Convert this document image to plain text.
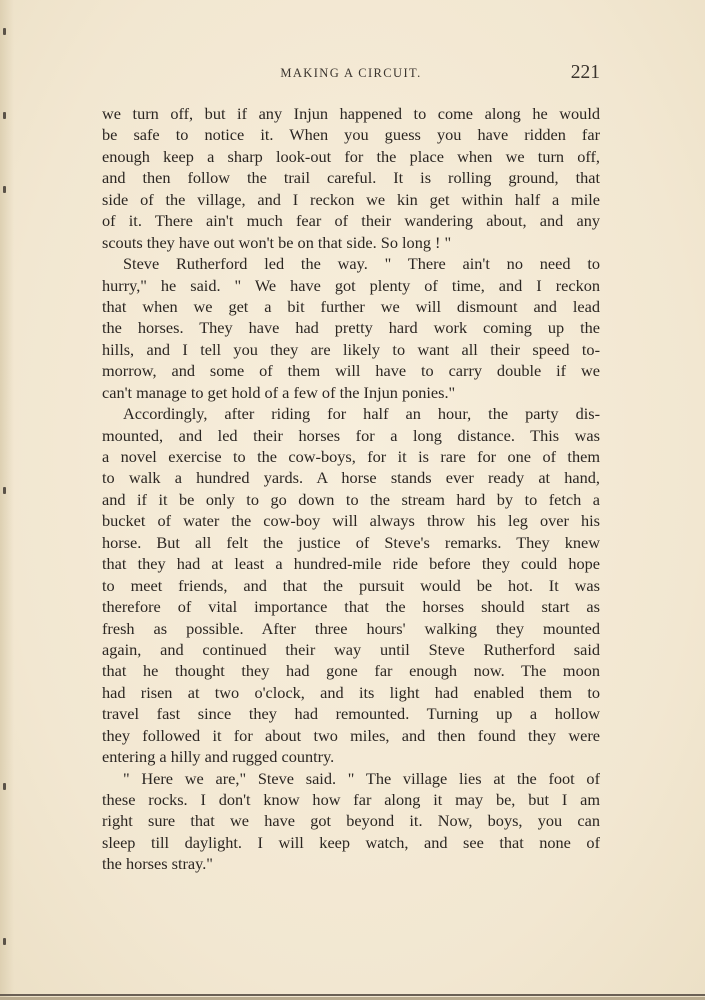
MAKING A CIRCUIT.	221
we turn off, but if any Injun happened to come along he would
be safe to notice it. When you guess you have ridden far
enough keep a sharp look-out for the place when we turn off,
and then follow the trail careful. It is rolling ground, that
side of the village, and I reckon we kin get within half a mile
of it. There ain't much fear of their wandering about, and any
scouts they have out won't be on that side. So long ! "
Steve Rutherford led the way. " There ain't no need to
hurry," he said. " We have got plenty of time, and I reckon
that when we get a bit further we will dismount and lead
the horses. They have had pretty hard work coming up the
hills, and I tell you they are likely to want all their speed to-
morrow, and some of them will have to carry double if we
can't manage to get hold of a few of the Injun ponies."
Accordingly, after riding for half an hour, the party dis-
mounted, and led their horses for a long distance. This was
a novel exercise to the cow-boys, for it is rare for one of them
to walk a hundred yards. A horse stands ever ready at hand,
and if it be only to go down to the stream hard by to fetch a
bucket of water the cow-boy will always throw his leg over his
horse. But all felt the justice of Steve's remarks. They knew
that they had at least a hundred-mile ride before they could hope
to meet friends, and that the pursuit would be hot. It was
therefore of vital importance that the horses should start as
fresh as possible. After three hours' walking they mounted
again, and continued their way until Steve Rutherford said
that he thought they had gone far enough now. The moon
had risen at two o'clock, and its light had enabled them to
travel fast since they had remounted. Turning up a hollow
they followed it for about two miles, and then found they were
entering a hilly and rugged country.
" Here we are," Steve said. " The village lies at the foot of
these rocks. I don't know how far along it may be, but I am
right sure that we have got beyond it. Now, boys, you can
sleep till daylight. I will keep watch, and see that none of
the horses stray."
